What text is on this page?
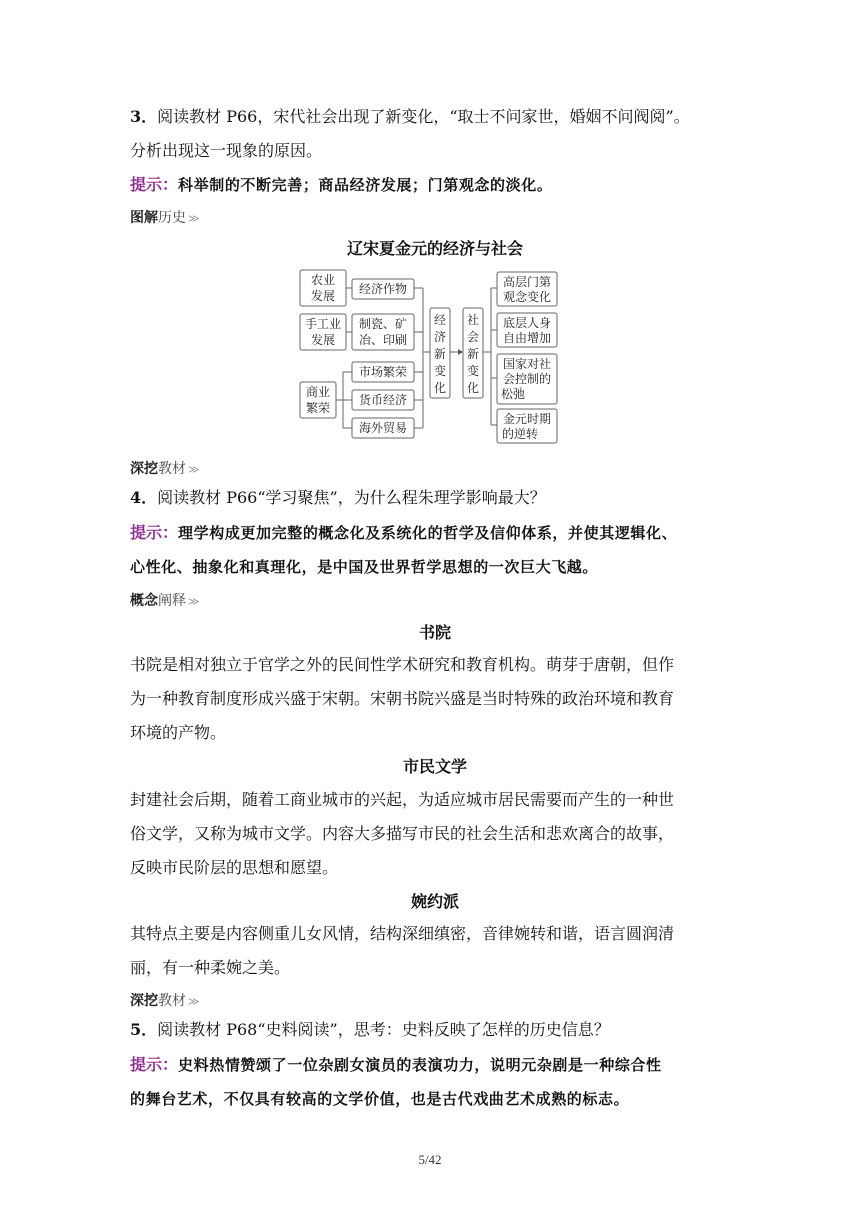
3．阅读教材 P66，宋代社会出现了新变化，“取士不问家世，婚姻不问阀阅”。
分析出现这一现象的原因。
提示：科举制的不断完善；商品经济发展；门第观念的淡化。
图解历史 ≫
辽宋夏金元的经济与社会
农业
发展
手工业
发展
商业
繁荣
经济作物
制瓷、矿
冶、印刷
市场繁荣
货币经济
海外贸易
经
济
新
变
化
社
会
新
变
化
高层门第
观念变化
底层人身
自由增加
国家对社
会控制的
松弛
金元时期
的逆转
深挖教材 ≫
4．阅读教材 P66“学习聚焦”，为什么程朱理学影响最大？
提示：理学构成更加完整的概念化及系统化的哲学及信仰体系，并使其逻辑化、
心性化、抽象化和真理化，是中国及世界哲学思想的一次巨大飞越。
概念阐释 ≫
书院
书院是相对独立于官学之外的民间性学术研究和教育机构。萌芽于唐朝，但作
为一种教育制度形成兴盛于宋朝。宋朝书院兴盛是当时特殊的政治环境和教育
环境的产物。
市民文学
封建社会后期，随着工商业城市的兴起，为适应城市居民需要而产生的一种世
俗文学，又称为城市文学。内容大多描写市民的社会生活和悲欢离合的故事，
反映市民阶层的思想和愿望。
婉约派
其特点主要是内容侧重儿女风情，结构深细缜密，音律婉转和谐，语言圆润清
丽，有一种柔婉之美。
深挖教材 ≫
5．阅读教材 P68“史料阅读”，思考：史料反映了怎样的历史信息？
提示：史料热情赞颂了一位杂剧女演员的表演功力，说明元杂剧是一种综合性
的舞台艺术，不仅具有较高的文学价值，也是古代戏曲艺术成熟的标志。
5/42
